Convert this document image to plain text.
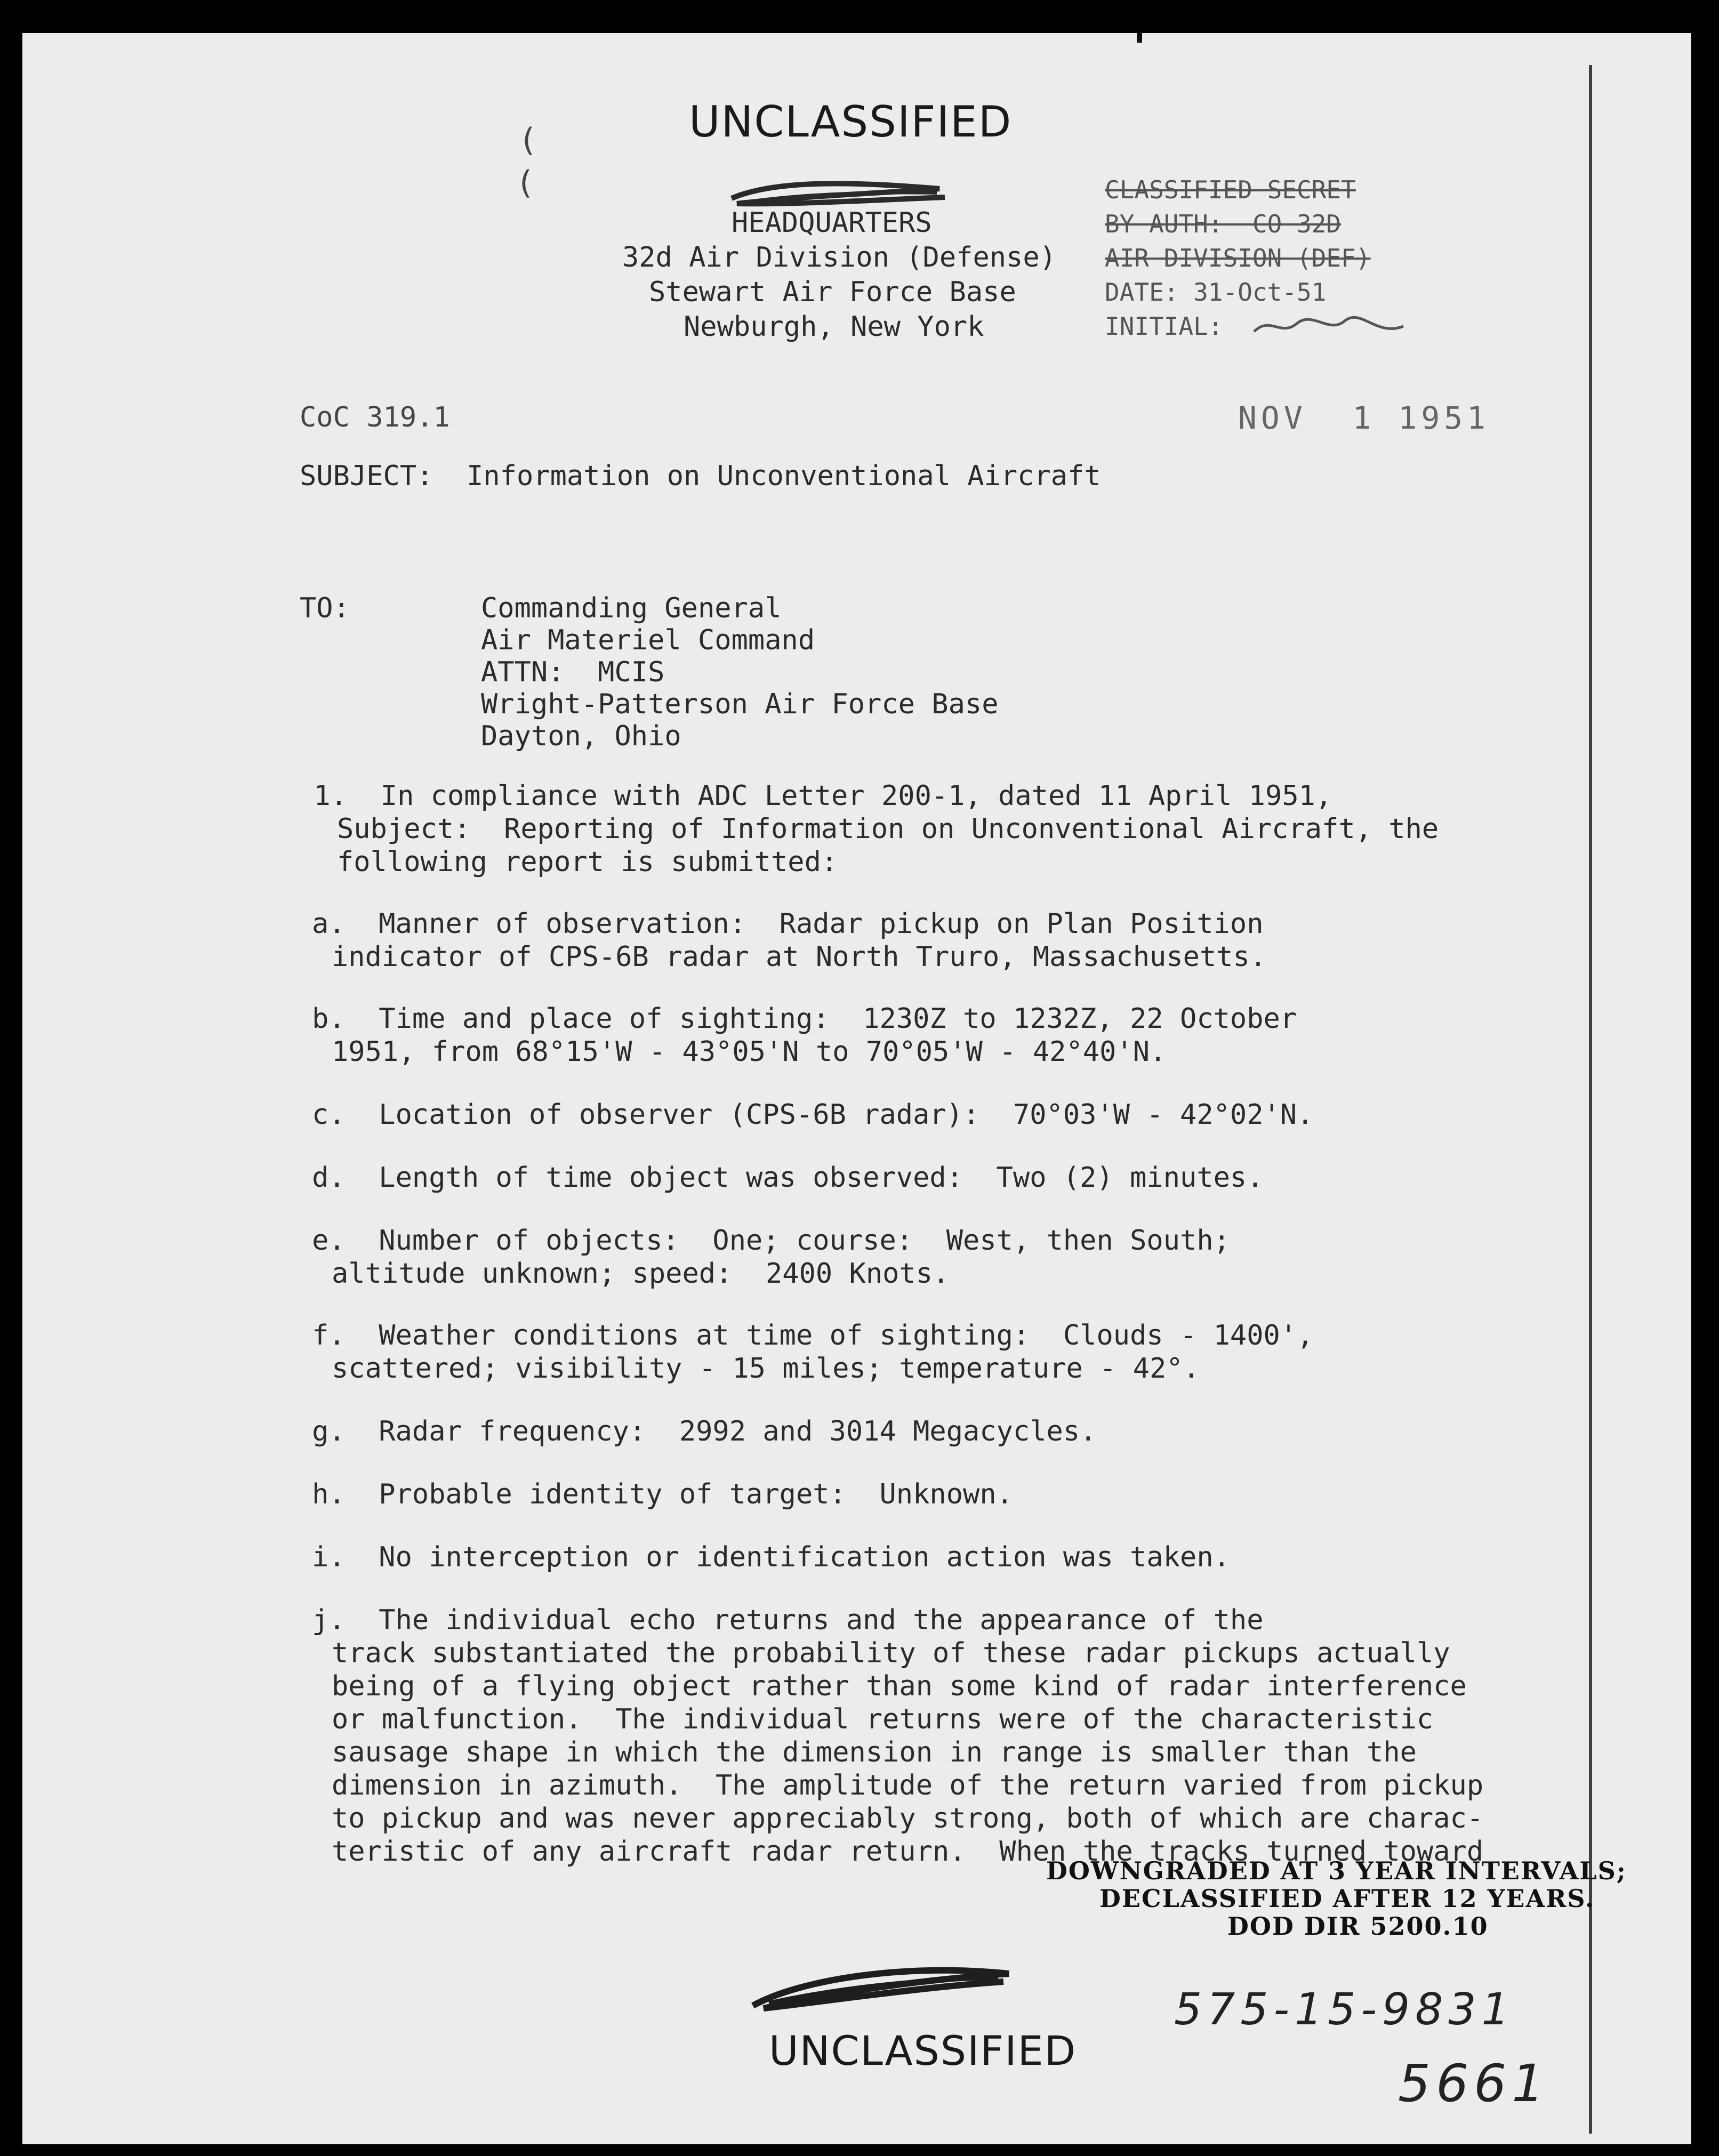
UNCLASSIFIED
(
(
HEADQUARTERS
32d Air Division (Defense)
Stewart Air Force Base
Newburgh, New York
CLASSIFIED SECRET
BY AUTH:  CO 32D
AIR DIVISION (DEF)
DATE: 31-Oct-51
INITIAL:
CoC 319.1	NOV  1 1951
SUBJECT:  Information on Unconventional Aircraft
TO:	Commanding General
Air Materiel Command
ATTN:  MCIS
Wright-Patterson Air Force Base
Dayton, Ohio
1.  In compliance with ADC Letter 200-1, dated 11 April 1951,
Subject:  Reporting of Information on Unconventional Aircraft, the
following report is submitted:
a.  Manner of observation:  Radar pickup on Plan Position
indicator of CPS-6B radar at North Truro, Massachusetts.
b.  Time and place of sighting:  1230Z to 1232Z, 22 October
1951, from 68°15'W - 43°05'N to 70°05'W - 42°40'N.
c.  Location of observer (CPS-6B radar):  70°03'W - 42°02'N.
d.  Length of time object was observed:  Two (2) minutes.
e.  Number of objects:  One; course:  West, then South;
altitude unknown; speed:  2400 Knots.
f.  Weather conditions at time of sighting:  Clouds - 1400',
scattered; visibility - 15 miles; temperature - 42°.
g.  Radar frequency:  2992 and 3014 Megacycles.
h.  Probable identity of target:  Unknown.
i.  No interception or identification action was taken.
j.  The individual echo returns and the appearance of the
track substantiated the probability of these radar pickups actually
being of a flying object rather than some kind of radar interference
or malfunction.  The individual returns were of the characteristic
sausage shape in which the dimension in range is smaller than the
dimension in azimuth.  The amplitude of the return varied from pickup
to pickup and was never appreciably strong, both of which are charac-
teristic of any aircraft radar return.  When the tracks turned toward
DOWNGRADED AT 3 YEAR INTERVALS;
DECLASSIFIED AFTER 12 YEARS.
DOD DIR 5200.10
UNCLASSIFIED
575-15-9831
5661
